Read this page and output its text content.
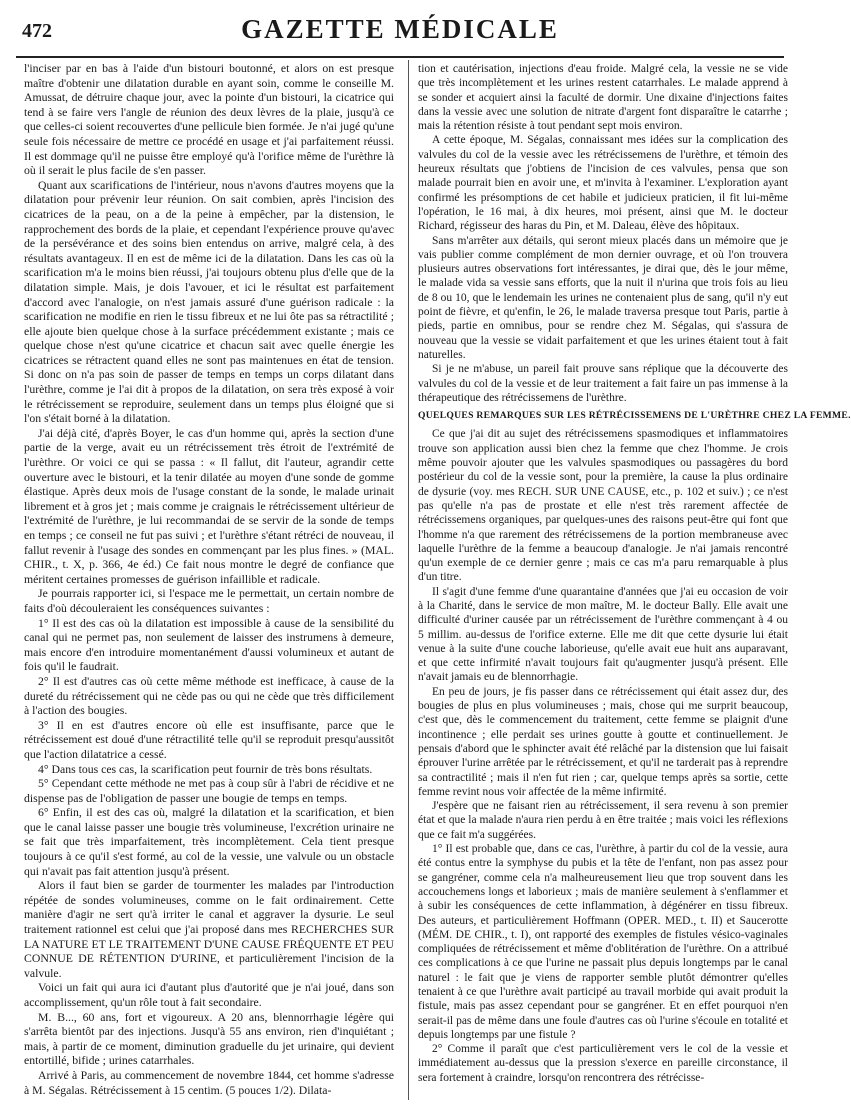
472	GAZETTE MÉDICALE

l'inciser par en bas à l'aide d'un bistouri boutonné, et alors on est presque maître d'obtenir une dilatation durable en ayant soin, comme le conseille M. Amussat, de détruire chaque jour, avec la pointe d'un bistouri, la cicatrice qui tend à se faire vers l'angle de réunion des deux lèvres de la plaie, jusqu'à ce que celles-ci soient recouvertes d'une pellicule bien formée. Je n'ai jugé qu'une seule fois nécessaire de mettre ce procédé en usage et j'ai parfaitement réussi. Il est dommage qu'il ne puisse être employé qu'à l'orifice même de l'urèthre là où il serait le plus facile de s'en passer.

Quant aux scarifications de l'intérieur, nous n'avons d'autres moyens que la dilatation pour prévenir leur réunion. On sait combien, après l'incision des cicatrices de la peau, on a de la peine à empêcher, par la distension, le rapprochement des bords de la plaie, et cependant l'expérience prouve qu'avec de la persévérance et des soins bien entendus on arrive, malgré cela, à des résultats avantageux. Il en est de même ici de la dilatation. Dans les cas où la scarification m'a le moins bien réussi, j'ai toujours obtenu plus d'elle que de la dilatation simple. Mais, je dois l'avouer, et ici le résultat est parfaitement d'accord avec l'analogie, on n'est jamais assuré d'une guérison radicale : la scarification ne modifie en rien le tissu fibreux et ne lui ôte pas sa rétractilité ; elle ajoute bien quelque chose à la surface précédemment existante ; mais ce quelque chose n'est qu'une cicatrice et chacun sait avec quelle énergie les cicatrices se rétractent quand elles ne sont pas maintenues en état de tension. Si donc on n'a pas soin de passer de temps en temps un corps dilatant dans l'urèthre, comme je l'ai dit à propos de la dilatation, on sera très exposé à voir le rétrécissement se reproduire, seulement dans un temps plus éloigné que si l'on s'était borné à la dilatation.

J'ai déjà cité, d'après Boyer, le cas d'un homme qui, après la section d'une partie de la verge, avait eu un rétrécissement très étroit de l'extrémité de l'urèthre. Or voici ce qui se passa : « Il fallut, dit l'auteur, agrandir cette ouverture avec le bistouri, et la tenir dilatée au moyen d'une sonde de gomme élastique. Après deux mois de l'usage constant de la sonde, le malade urinait librement et à gros jet ; mais comme je craignais le rétrécissement ultérieur de l'extrémité de l'urèthre, je lui recommandai de se servir de la sonde de temps en temps ; ce conseil ne fut pas suivi ; et l'urèthre s'étant rétréci de nouveau, il fallut revenir à l'usage des sondes en commençant par les plus fines. » (MAL. CHIR., t. X, p. 366, 4e éd.) Ce fait nous montre le degré de confiance que méritent certaines promesses de guérison infaillible et radicale.

Je pourrais rapporter ici, si l'espace me le permettait, un certain nombre de faits d'où découleraient les conséquences suivantes :

1° Il est des cas où la dilatation est impossible à cause de la sensibilité du canal qui ne permet pas, non seulement de laisser des instrumens à demeure, mais encore d'en introduire momentanément d'aussi volumineux et autant de fois qu'il le faudrait.

2° Il est d'autres cas où cette même méthode est inefficace, à cause de la dureté du rétrécissement qui ne cède pas ou qui ne cède que très difficilement à l'action des bougies.

3° Il en est d'autres encore où elle est insuffisante, parce que le rétrécissement est doué d'une rétractilité telle qu'il se reproduit presqu'aussitôt que l'action dilatatrice a cessé.

4° Dans tous ces cas, la scarification peut fournir de très bons résultats.

5° Cependant cette méthode ne met pas à coup sûr à l'abri de récidive et ne dispense pas de l'obligation de passer une bougie de temps en temps.

6° Enfin, il est des cas où, malgré la dilatation et la scarification, et bien que le canal laisse passer une bougie très volumineuse, l'excrétion urinaire ne se fait que très imparfaitement, très incomplètement. Cela tient presque toujours à ce qu'il s'est formé, au col de la vessie, une valvule ou un obstacle qui n'avait pas fait attention jusqu'à présent.

Alors il faut bien se garder de tourmenter les malades par l'introduction répétée de sondes volumineuses, comme on le fait ordinairement. Cette manière d'agir ne sert qu'à irriter le canal et aggraver la dysurie. Le seul traitement rationnel est celui que j'ai proposé dans mes RECHERCHES SUR LA NATURE ET LE TRAITEMENT D'UNE CAUSE FRÉQUENTE ET PEU CONNUE DE RÉTENTION D'URINE, et particulièrement l'incision de la valvule.

Voici un fait qui aura ici d'autant plus d'autorité que je n'ai joué, dans son accomplissement, qu'un rôle tout à fait secondaire.

M. B..., 60 ans, fort et vigoureux. A 20 ans, blennorrhagie légère qui s'arrêta bientôt par des injections. Jusqu'à 55 ans environ, rien d'inquiétant ; mais, à partir de ce moment, diminution graduelle du jet urinaire, qui devient entortillé, bifide ; urines catarrhales.

Arrivé à Paris, au commencement de novembre 1844, cet homme s'adresse à M. Ségalas. Rétrécissement à 15 centim. (5 pouces 1/2). Dilata-

tion et cautérisation, injections d'eau froide. Malgré cela, la vessie ne se vide que très incomplètement et les urines restent catarrhales. Le malade apprend à se sonder et acquiert ainsi la faculté de dormir. Une dixaine d'injections faites dans la vessie avec une solution de nitrate d'argent font disparaître le catarrhe ; mais la rétention résiste à tout pendant sept mois environ.

A cette époque, M. Ségalas, connaissant mes idées sur la complication des valvules du col de la vessie avec les rétrécissemens de l'urèthre, et témoin des heureux résultats que j'obtiens de l'incision de ces valvules, pensa que son malade pourrait bien en avoir une, et m'invita à l'examiner. L'exploration ayant confirmé les présomptions de cet habile et judicieux praticien, il fit lui-même l'opération, le 16 mai, à dix heures, moi présent, ainsi que M. le docteur Richard, régisseur des haras du Pin, et M. Daleau, élève des hôpitaux.

Sans m'arrêter aux détails, qui seront mieux placés dans un mémoire que je vais publier comme complément de mon dernier ouvrage, et où l'on trouvera plusieurs autres observations fort intéressantes, je dirai que, dès le jour même, le malade vida sa vessie sans efforts, que la nuit il n'urina que trois fois au lieu de 8 ou 10, que le lendemain les urines ne contenaient plus de sang, qu'il n'y eut point de fièvre, et qu'enfin, le 26, le malade traversa presque tout Paris, partie à pieds, partie en omnibus, pour se rendre chez M. Ségalas, qui s'assura de nouveau que la vessie se vidait parfaitement et que les urines étaient tout à fait naturelles.

Si je ne m'abuse, un pareil fait prouve sans réplique que la découverte des valvules du col de la vessie et de leur traitement a fait faire un pas immense à la thérapeutique des rétrécissemens de l'urèthre.

QUELQUES REMARQUES SUR LES RÉTRÉCISSEMENS DE L'URÈTHRE CHEZ LA FEMME.

Ce que j'ai dit au sujet des rétrécissemens spasmodiques et inflammatoires trouve son application aussi bien chez la femme que chez l'homme. Je crois même pouvoir ajouter que les valvules spasmodiques ou passagères du bord postérieur du col de la vessie sont, pour la première, la cause la plus ordinaire de dysurie (voy. mes RECH. SUR UNE CAUSE, etc., p. 102 et suiv.) ; ce n'est pas qu'elle n'a pas de prostate et elle n'est très rarement affectée de rétrécissemens organiques, par quelques-unes des raisons peut-être qui font que l'homme n'a que rarement des rétrécissemens de la portion membraneuse avec laquelle l'urèthre de la femme a beaucoup d'analogie. Je n'ai jamais rencontré qu'un exemple de ce dernier genre ; mais ce cas m'a paru remarquable à plus d'un titre.

Il s'agit d'une femme d'une quarantaine d'années que j'ai eu occasion de voir à la Charité, dans le service de mon maître, M. le docteur Bally. Elle avait une difficulté d'uriner causée par un rétrécissement de l'urèthre commençant à 4 ou 5 millim. au-dessus de l'orifice externe. Elle me dit que cette dysurie lui était venue à la suite d'une couche laborieuse, qu'elle avait eue huit ans auparavant, et que cette infirmité n'avait toujours fait qu'augmenter jusqu'à présent. Elle n'avait jamais eu de blennorrhagie.

En peu de jours, je fis passer dans ce rétrécissement qui était assez dur, des bougies de plus en plus volumineuses ; mais, chose qui me surprit beaucoup, c'est que, dès le commencement du traitement, cette femme se plaignit d'une incontinence ; elle perdait ses urines goutte à goutte et continuellement. Je pensais d'abord que le sphincter avait été relâché par la distension que lui faisait éprouver l'urine arrêtée par le rétrécissement, et qu'il ne tarderait pas à reprendre sa contractilité ; mais il n'en fut rien ; car, quelque temps après sa sortie, cette femme revint nous voir affectée de la même infirmité.

J'espère que ne faisant rien au rétrécissement, il sera revenu à son premier état et que la malade n'aura rien perdu à en être traitée ; mais voici les réflexions que ce fait m'a suggérées.

1° Il est probable que, dans ce cas, l'urèthre, à partir du col de la vessie, aura été contus entre la symphyse du pubis et la tête de l'enfant, non pas assez pour se gangréner, comme cela n'a malheureusement lieu que trop souvent dans les accouchemens longs et laborieux ; mais de manière seulement à s'enflammer et à subir les conséquences de cette inflammation, à dégénérer en tissu fibreux. Des auteurs, et particulièrement Hoffmann (OPER. MED., t. II) et Saucerotte (MÉM. DE CHIR., t. I), ont rapporté des exemples de fistules vésico-vaginales compliquées de rétrécissement et même d'oblitération de l'urèthre. On a attribué ces complications à ce que l'urine ne passait plus depuis longtemps par le canal naturel : le fait que je viens de rapporter semble plutôt démontrer qu'elles tenaient à ce que l'urèthre avait participé au travail morbide qui avait produit la fistule, mais pas assez cependant pour se gangréner. Et en effet pourquoi n'en serait-il pas de même dans une foule d'autres cas où l'urine s'écoule en totalité et depuis longtemps par une fistule ?

2° Comme il paraît que c'est particulièrement vers le col de la vessie et immédiatement au-dessus que la pression s'exerce en pareille circonstance, il sera fortement à craindre, lorsqu'on rencontrera des rétrécisse-
